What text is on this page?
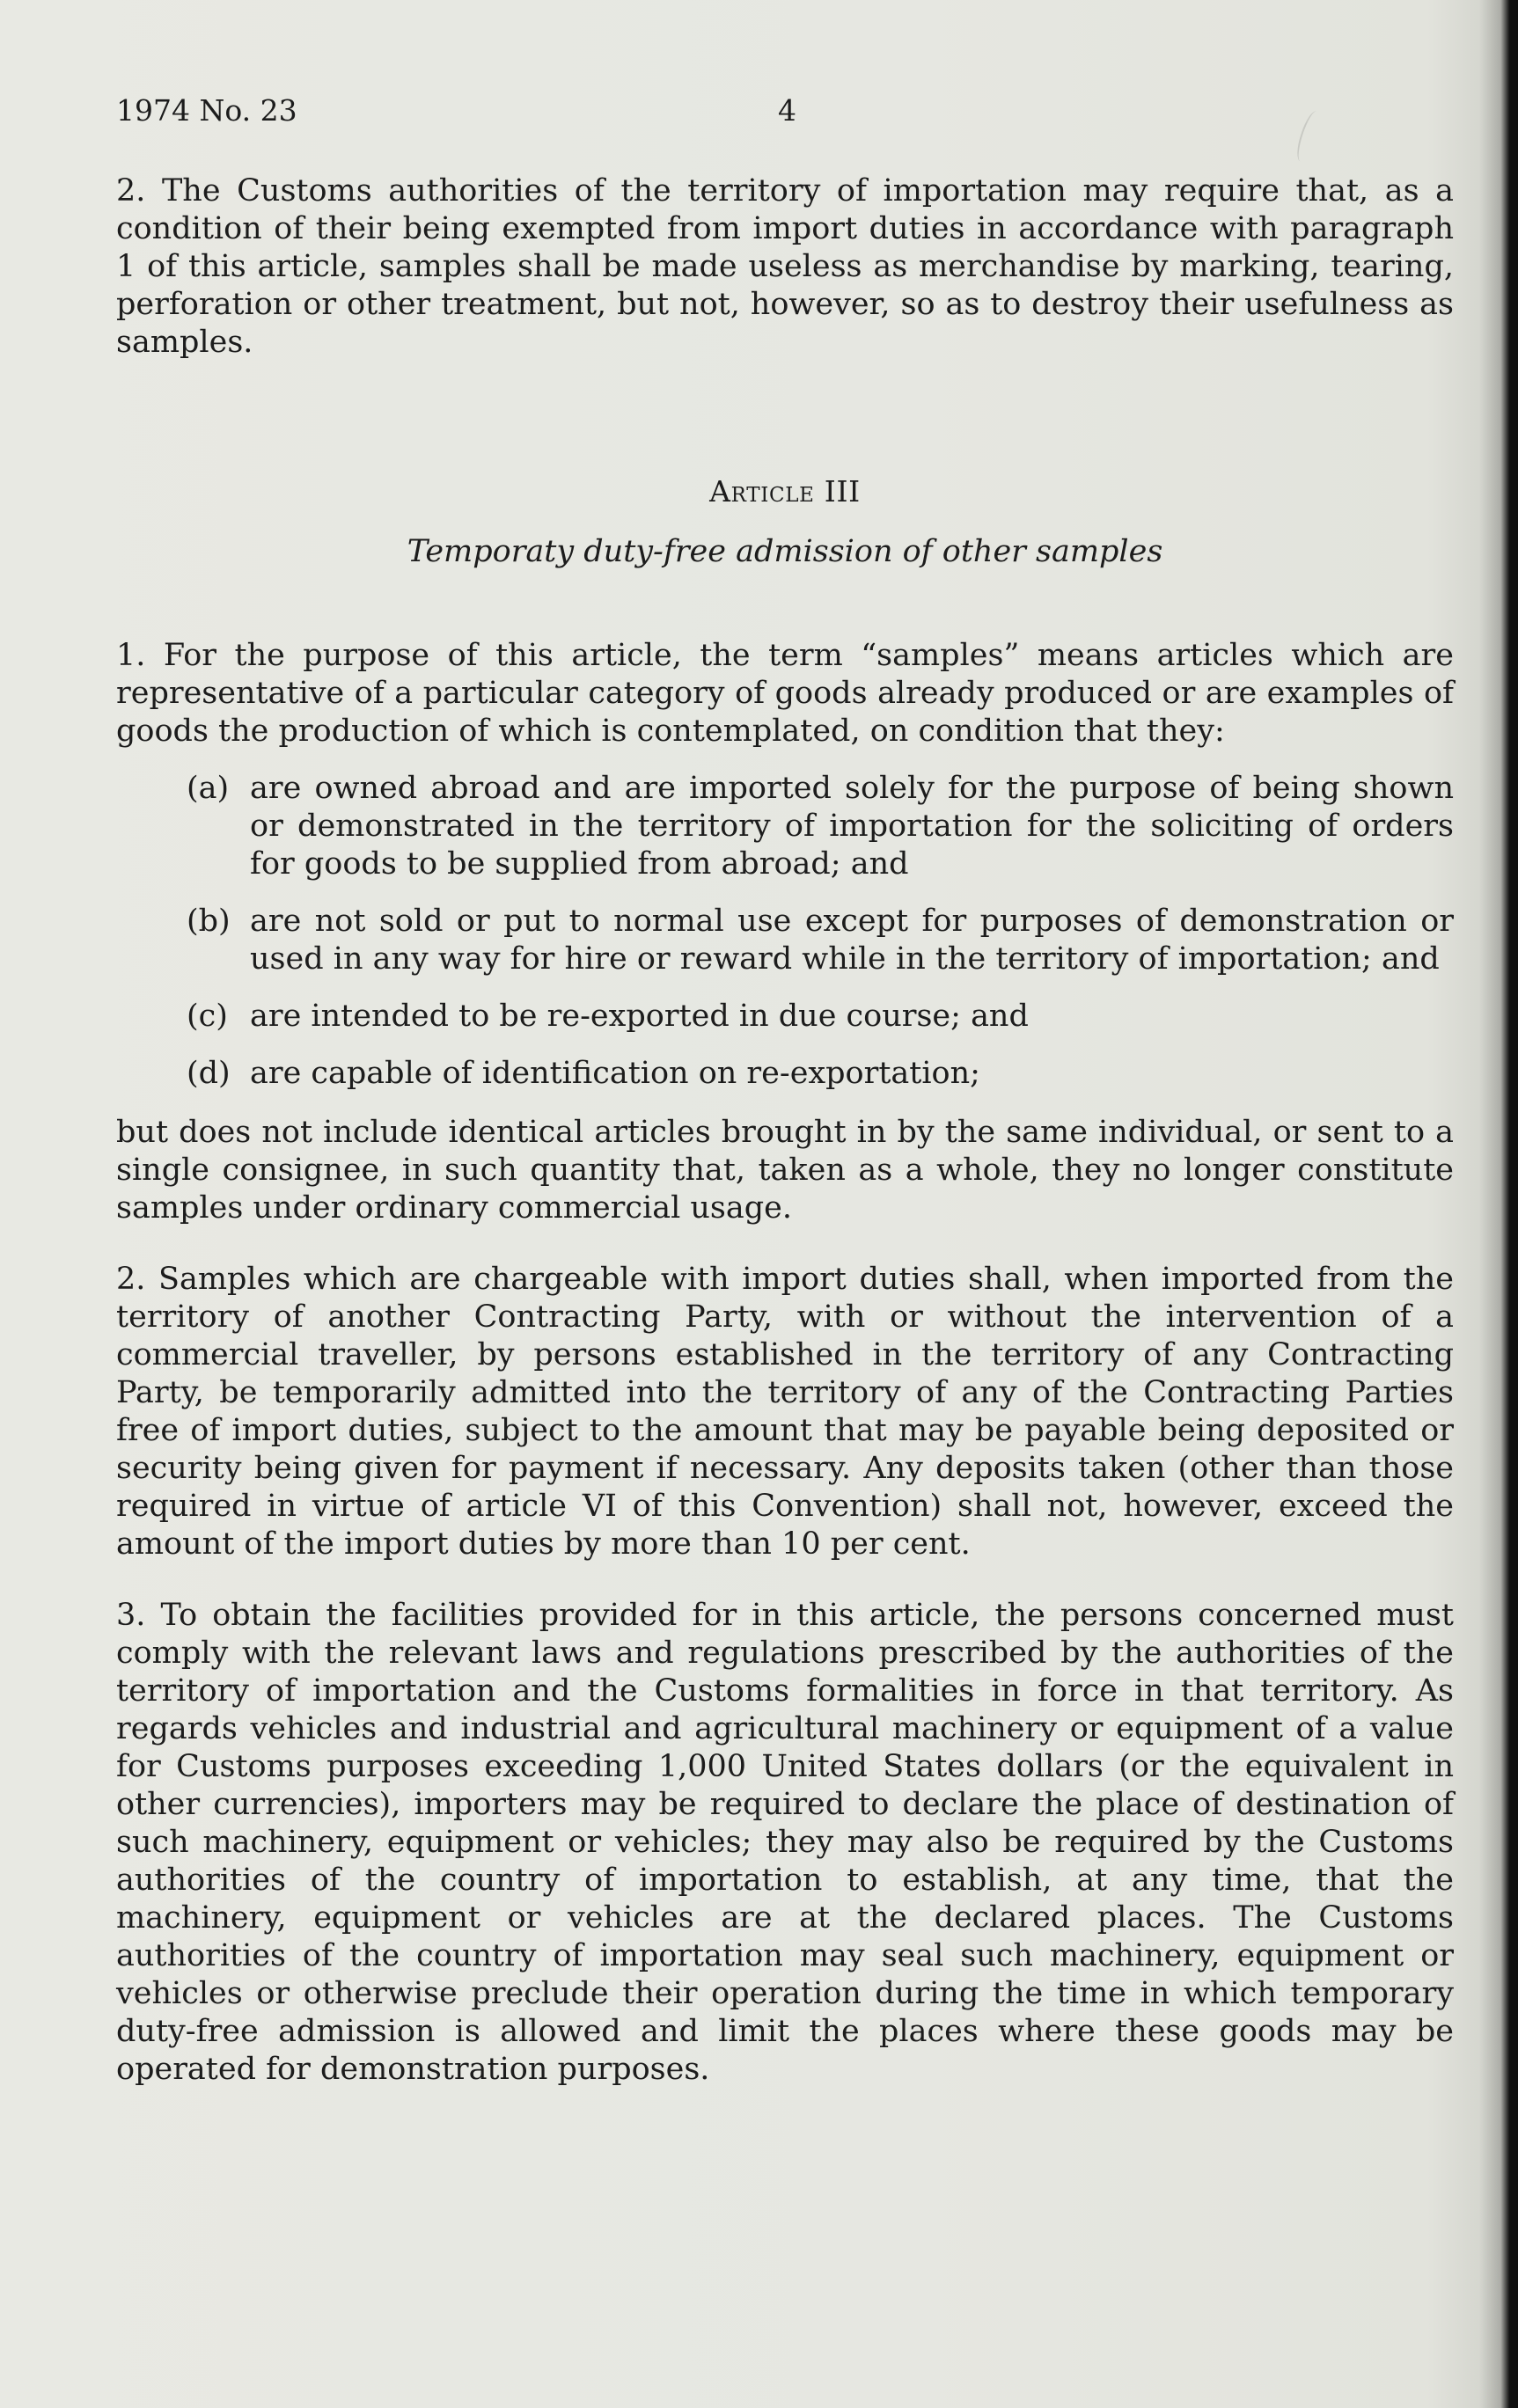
1974 No. 23	4

2. The Customs authorities of the territory of importation may require that, as a condition of their being exempted from import duties in accordance with paragraph 1 of this article, samples shall be made useless as merchandise by marking, tearing, perforation or other treatment, but not, however, so as to destroy their usefulness as samples.

Article III
Temporaty duty-free admission of other samples

1. For the purpose of this article, the term “samples” means articles which are representative of a particular category of goods already produced or are examples of goods the production of which is contemplated, on condition that they:

(a) are owned abroad and are imported solely for the purpose of being shown or demonstrated in the territory of importation for the soliciting of orders for goods to be supplied from abroad; and
(b) are not sold or put to normal use except for purposes of demonstration or used in any way for hire or reward while in the territory of importation; and
(c) are intended to be re-exported in due course; and
(d) are capable of identification on re-exportation;

but does not include identical articles brought in by the same individual, or sent to a single consignee, in such quantity that, taken as a whole, they no longer constitute samples under ordinary commercial usage.

2. Samples which are chargeable with import duties shall, when imported from the territory of another Contracting Party, with or without the intervention of a commercial traveller, by persons established in the territory of any Contracting Party, be temporarily admitted into the territory of any of the Contracting Parties free of import duties, subject to the amount that may be payable being deposited or security being given for payment if necessary. Any deposits taken (other than those required in virtue of article VI of this Convention) shall not, however, exceed the amount of the import duties by more than 10 per cent.

3. To obtain the facilities provided for in this article, the persons concerned must comply with the relevant laws and regulations prescribed by the authorities of the territory of importation and the Customs formalities in force in that territory. As regards vehicles and industrial and agricultural machinery or equipment of a value for Customs purposes exceeding 1,000 United States dollars (or the equivalent in other currencies), importers may be required to declare the place of destination of such machinery, equipment or vehicles; they may also be required by the Customs authorities of the country of importation to establish, at any time, that the machinery, equipment or vehicles are at the declared places. The Customs authorities of the country of importation may seal such machinery, equipment or vehicles or otherwise preclude their operation during the time in which temporary duty-free admission is allowed and limit the places where these goods may be operated for demonstration purposes.
